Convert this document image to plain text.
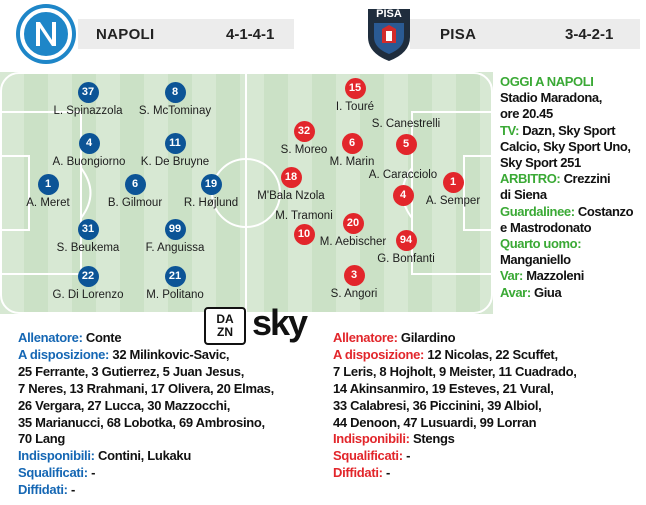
NAPOLI	4-1-4-1
PISA
PISA	3-4-2-1
37
L. Spinazzola
8
S. McTominay
4
A. Buongiorno
11
K. De Bruyne
1
A. Meret
6
B. Gilmour
19
R. Højlund
31
S. Beukema
99
F. Anguissa
22
G. Di Lorenzo
21
M. Politano
15
I. Touré
32
S. Moreo
6
M. Marin
5
S. Canestrelli
18
M'Bala Nzola	4
A. Caracciolo
1
A. Semper
M. Tramoni
10
20
M. Aebischer	94
G. Bonfanti
3
S. Angori
OGGI A NAPOLI
Stadio Maradona,
ore 20.45
TV: Dazn, Sky Sport
Calcio, Sky Sport Uno,
Sky Sport 251
ARBITRO: Crezzini
di Siena
Guardalinee: Costanzo
e Mastrodonato
Quarto uomo:
Manganiello
Var: Mazzoleni
Avar: Giua
DA
ZN sky
Allenatore: Conte
A disposizione: 32 Milinkovic-Savic,
25 Ferrante, 3 Gutierrez, 5 Juan Jesus,
7 Neres, 13 Rrahmani, 17 Olivera, 20 Elmas,
26 Vergara, 27 Lucca, 30 Mazzocchi,
35 Marianucci, 68 Lobotka, 69 Ambrosino,
70 Lang
Indisponibili: Contini, Lukaku
Squalificati: -
Diffidati: -
Allenatore: Gilardino
A disposizione: 12 Nicolas, 22 Scuffet,
7 Leris, 8 Hojholt, 9 Meister, 11 Cuadrado,
14 Akinsanmiro, 19 Esteves, 21 Vural,
33 Calabresi, 36 Piccinini, 39 Albiol,
44 Denoon, 47 Lusuardi, 99 Lorran
Indisponibili: Stengs
Squalificati: -
Diffidati: -
